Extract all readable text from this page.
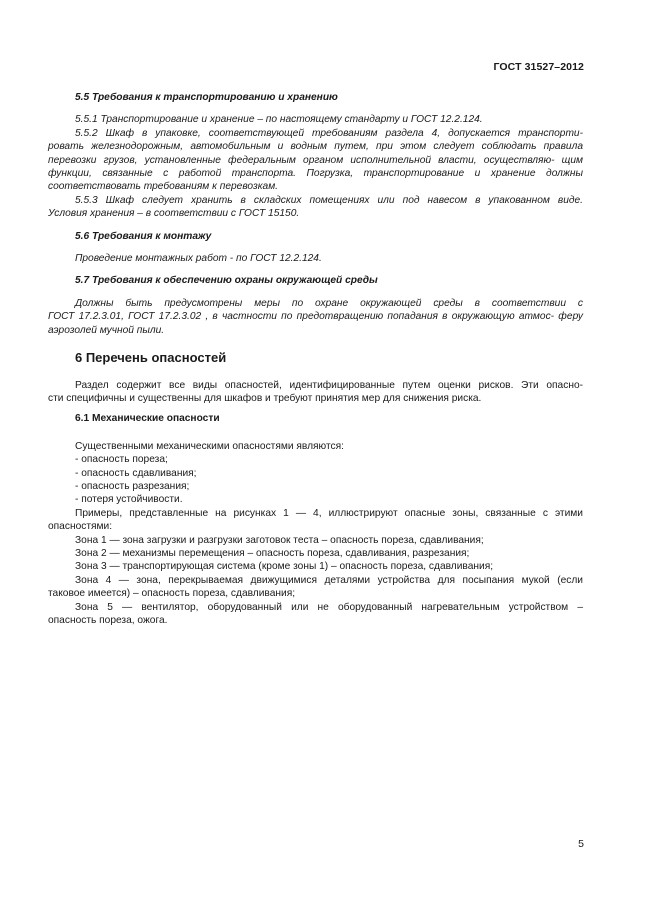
ГОСТ 31527–2012

5.5 Требования к транспортированию и хранению

5.5.1 Транспортирование и хранение – по настоящему стандарту и ГОСТ 12.2.124.

5.5.2 Шкаф в упаковке, соответствующей требованиям раздела 4, допускается транспорти-

ровать железнодорожным, автомобильным и водным путем, при этом следует соблюдать правила перевозки грузов, установленные федеральным органом исполнительной власти, осуществляю- щим функции, связанные с работой транспорта. Погрузка, транспортирование и хранение должны соответствовать требованиям к перевозкам.

5.5.3 Шкаф следует хранить в складских помещениях или под навесом в упакованном виде.

Условия хранения – в соответствии с ГОСТ 15150.

5.6 Требования к монтажу

Проведение монтажных работ - по ГОСТ 12.2.124.

5.7 Требования к обеспечению охраны окружающей среды

Должны быть предусмотрены меры по охране окружающей среды в соответствии с

ГОСТ 17.2.3.01, ГОСТ 17.2.3.02 , в частности по предотвращению попадания в окружающую атмос- феру аэрозолей мучной пыли.

6 Перечень опасностей

Раздел содержит все виды опасностей, идентифицированные путем оценки рисков. Эти опасно-

сти специфичны и существенны для шкафов и требуют принятия мер для снижения риска.

6.1 Механические опасности

Существенными механическими опасностями являются:

- опасность пореза;

- опасность сдавливания;

- опасность разрезания;

- потеря устойчивости.

Примеры, представленные на рисунках 1 — 4, иллюстрируют опасные зоны, связанные с этими

опасностями:

Зона 1 — зона загрузки и разгрузки заготовок теста – опасность пореза, сдавливания;

Зона 2 — механизмы перемещения – опасность пореза, сдавливания, разрезания;

Зона 3 — транспортирующая система (кроме зоны 1) – опасность пореза, сдавливания;

Зона 4 — зона, перекрываемая движущимися деталями устройства для посыпания мукой (если

таковое имеется) – опасность пореза, сдавливания;

Зона 5 — вентилятор, оборудованный или не оборудованный нагревательным устройством –

опасность пореза, ожога.

5
